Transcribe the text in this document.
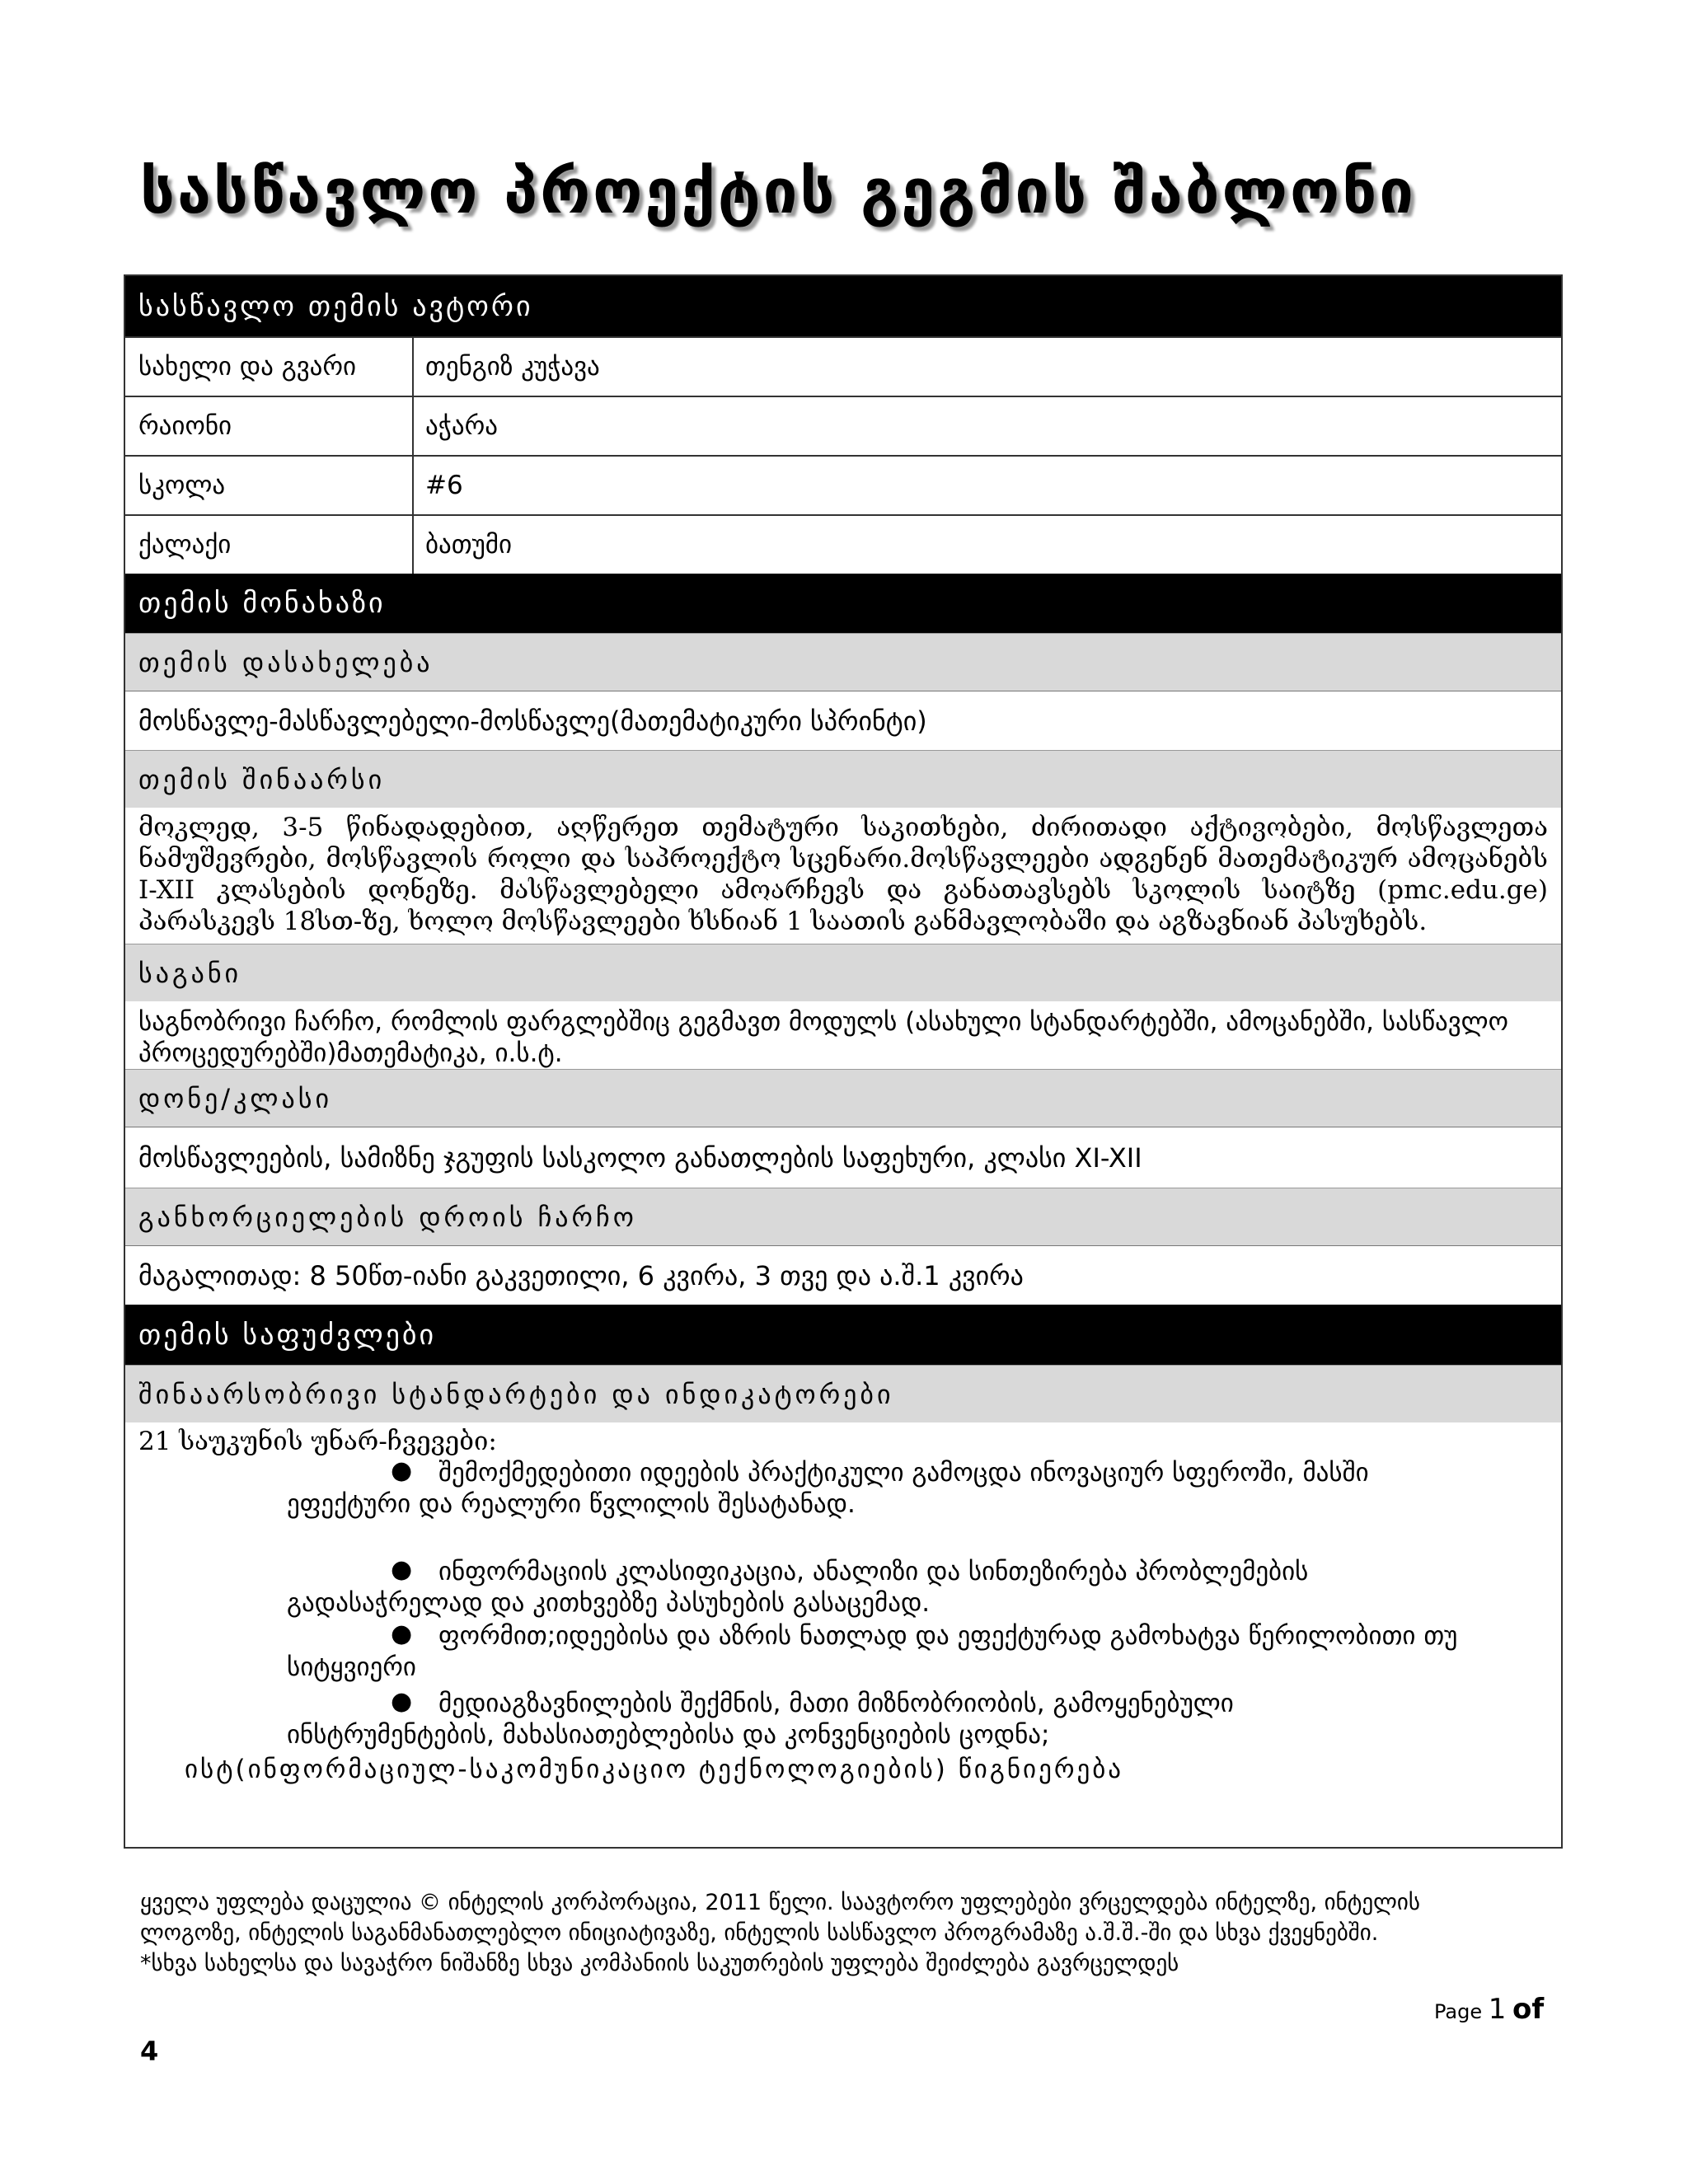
სასწავლო პროექტის გეგმის შაბლონი
სასწავლო თემის ავტორი
სახელი და გვარი	თენგიზ კუჭავა
რაიონი	აჭარა
სკოლა	#6
ქალაქი	ბათუმი
თემის მონახაზი
თემის დასახელება
მოსწავლე-მასწავლებელი-მოსწავლე(მათემატიკური სპრინტი)
თემის შინაარსი
მოკლედ, 3-5 წინადადებით, აღწერეთ თემატური საკითხები, ძირითადი აქტივობები, მოსწავლეთა ნამუშევრები, მოსწავლის როლი და საპროექტო სცენარი.მოსწავლეები ადგენენ მათემატიკურ ამოცანებს I-XII კლასების დონეზე. მასწავლებელი ამოარჩევს და განათავსებს სკოლის საიტზე (pmc.edu.ge) პარასკევს 18სთ-ზე, ხოლო მოსწავლეები ხსნიან 1 საათის განმავლობაში და აგზავნიან პასუხებს.
საგანი
საგნობრივი ჩარჩო, რომლის ფარგლებშიც გეგმავთ მოდულს (ასახული სტანდარტებში, ამოცანებში, სასწავლო პროცედურებში)მათემატიკა, ი.ს.ტ.
დონე/კლასი
მოსწავლეების, სამიზნე ჯგუფის სასკოლო განათლების საფეხური, კლასი XI-XII
განხორციელების დროის ჩარჩო
მაგალითად: 8 50წთ-იანი გაკვეთილი, 6 კვირა, 3 თვე და ა.შ.1 კვირა
თემის საფუძვლები
შინაარსობრივი სტანდარტები და ინდიკატორები
21 საუკუნის უნარ-ჩვევები:
● შემოქმედებითი იდეების პრაქტიკული გამოცდა ინოვაციურ სფეროში, მასში
ეფექტური და რეალური წვლილის შესატანად.
● ინფორმაციის კლასიფიკაცია, ანალიზი და სინთეზირება პრობლემების
გადასაჭრელად და კითხვებზე პასუხების გასაცემად.
● ფორმით;იდეებისა და აზრის ნათლად და ეფექტურად გამოხატვა წერილობითი თუ
სიტყვიერი
● მედიაგზავნილების შექმნის, მათი მიზნობრიობის, გამოყენებული
ინსტრუმენტების, მახასიათებლებისა და კონვენციების ცოდნა;
ისტ(ინფორმაციულ-საკომუნიკაციო ტექნოლოგიების) წიგნიერება
ყველა უფლება დაცულია © ინტელის კორპორაცია, 2011 წელი. საავტორო უფლებები ვრცელდება ინტელზე, ინტელის
ლოგოზე, ინტელის საგანმანათლებლო ინიციატივაზე, ინტელის სასწავლო პროგრამაზე ა.შ.შ.-ში და სხვა ქვეყნებში.
*სხვა სახელსა და სავაჭრო ნიშანზე სხვა კომპანიის საკუთრების უფლება შეიძლება გავრცელდეს
Page 1 of
4
